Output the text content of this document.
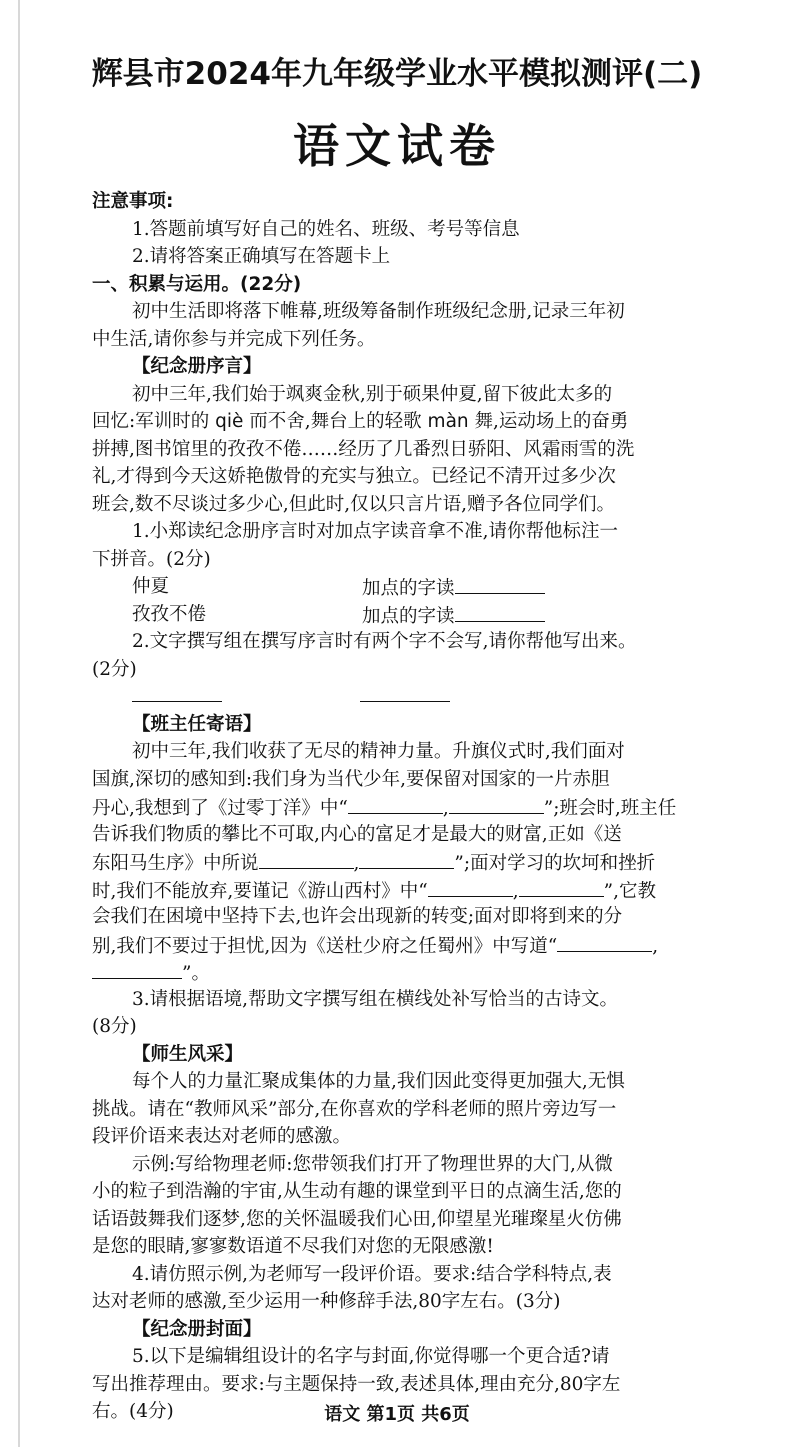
辉县市2024年九年级学业水平模拟测评(二)
语文试卷
注意事项:
1.答题前填写好自己的姓名、班级、考号等信息
2.请将答案正确填写在答题卡上
一、积累与运用。(22分)
初中生活即将落下帷幕,班级筹备制作班级纪念册,记录三年初
中生活,请你参与并完成下列任务。
【纪念册序言】
初中三年,我们始于飒爽金秋,别于硕果仲夏,留下彼此太多的
回忆:军训时的 qiè 而不舍,舞台上的轻歌 màn 舞,运动场上的奋勇
拼搏,图书馆里的孜孜不倦……经历了几番烈日骄阳、风霜雨雪的洗
礼,才得到今天这娇艳傲骨的充实与独立。已经记不清开过多少次
班会,数不尽谈过多少心,但此时,仅以只言片语,赠予各位同学们。
1.小郑读纪念册序言时对加点字读音拿不准,请你帮他标注一
下拼音。(2分)
仲夏	加点的字读
孜孜不倦	加点的字读
2.文字撰写组在撰写序言时有两个字不会写,请你帮他写出来。
(2分)
【班主任寄语】
初中三年,我们收获了无尽的精神力量。升旗仪式时,我们面对
国旗,深切的感知到:我们身为当代少年,要保留对国家的一片赤胆
丹心,我想到了《过零丁洋》中“	,	”;班会时,班主任
告诉我们物质的攀比不可取,内心的富足才是最大的财富,正如《送
东阳马生序》中所说	,	”;面对学习的坎坷和挫折
时,我们不能放弃,要谨记《游山西村》中“	,	”,它教
会我们在困境中坚持下去,也许会出现新的转变;面对即将到来的分
别,我们不要过于担忧,因为《送杜少府之任蜀州》中写道“	,
”。
3.请根据语境,帮助文字撰写组在横线处补写恰当的古诗文。
(8分)
【师生风采】
每个人的力量汇聚成集体的力量,我们因此变得更加强大,无惧
挑战。请在“教师风采”部分,在你喜欢的学科老师的照片旁边写一
段评价语来表达对老师的感激。
示例:写给物理老师:您带领我们打开了物理世界的大门,从微
小的粒子到浩瀚的宇宙,从生动有趣的课堂到平日的点滴生活,您的
话语鼓舞我们逐梦,您的关怀温暖我们心田,仰望星光璀璨星火仿佛
是您的眼睛,寥寥数语道不尽我们对您的无限感激!
4.请仿照示例,为老师写一段评价语。要求:结合学科特点,表
达对老师的感激,至少运用一种修辞手法,80字左右。(3分)
【纪念册封面】
5.以下是编辑组设计的名字与封面,你觉得哪一个更合适?请
写出推荐理由。要求:与主题保持一致,表述具体,理由充分,80字左
右。(4分)	语文 第1页 共6页
